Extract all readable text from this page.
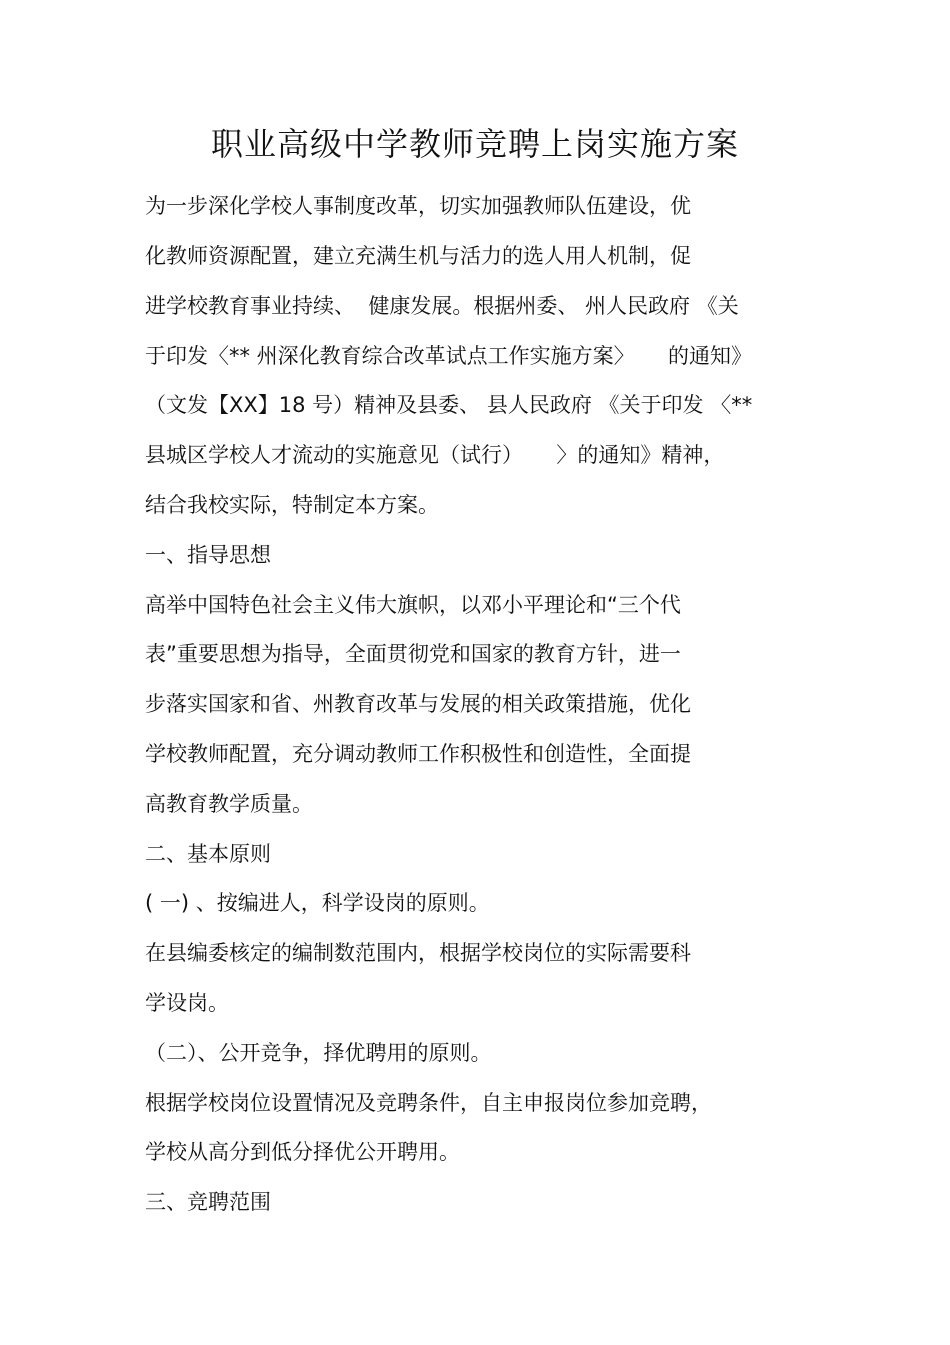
职业高级中学教师竞聘上岗实施方案
为一步深化学校人事制度改革，切实加强教师队伍建设，优
化教师资源配置，建立充满生机与活力的选人用人机制，促
进学校教育事业持续、  健康发展。根据州委、 州人民政府 《关
于印发〈** 州深化教育综合改革试点工作实施方案〉     的通知》
（文发【XX】18 号）精神及县委、 县人民政府 《关于印发 〈**
县城区学校人才流动的实施意见（试行）     〉的通知》精神，
结合我校实际，特制定本方案。
一、指导思想
高举中国特色社会主义伟大旗帜，以邓小平理论和“三个代
表”重要思想为指导，全面贯彻党和国家的教育方针，进一
步落实国家和省、州教育改革与发展的相关政策措施，优化
学校教师配置，充分调动教师工作积极性和创造性，全面提
高教育教学质量。
二、基本原则
( 一) 、按编进人，科学设岗的原则。
在县编委核定的编制数范围内，根据学校岗位的实际需要科
学设岗。
（二）、公开竞争，择优聘用的原则。
根据学校岗位设置情况及竞聘条件，自主申报岗位参加竞聘，
学校从高分到低分择优公开聘用。
三、竞聘范围
